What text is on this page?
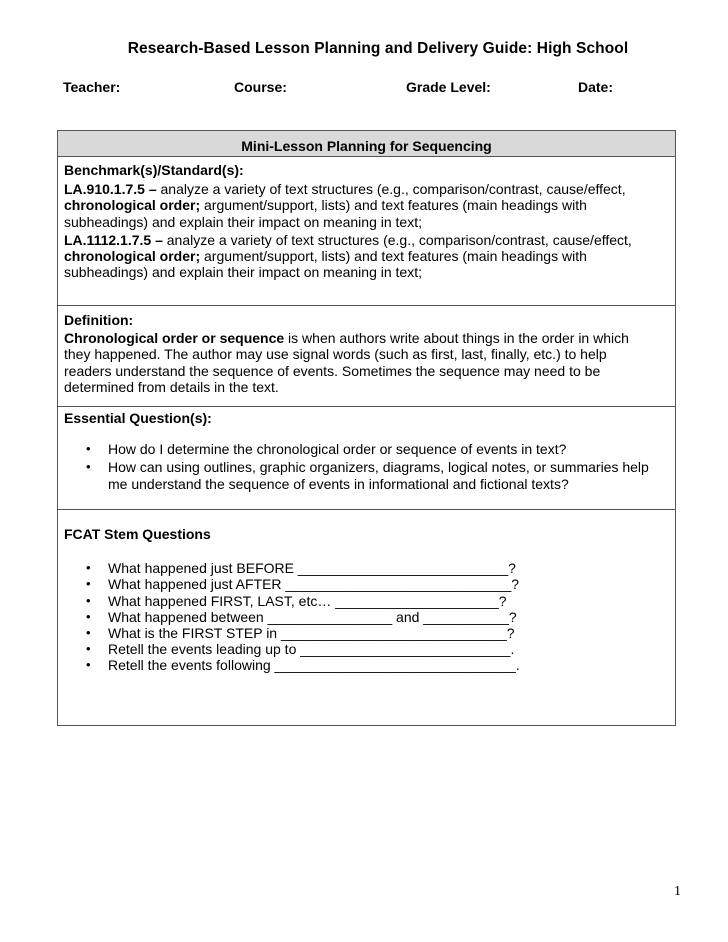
Research-Based Lesson Planning and Delivery Guide: High School
Teacher:	Course:	Grade Level:	Date:
Mini-Lesson Planning for Sequencing

Benchmark(s)/Standard(s):

LA.910.1.7.5 – analyze a variety of text structures (e.g., comparison/contrast, cause/effect,
chronological order; argument/support, lists) and text features (main headings with
subheadings) and explain their impact on meaning in text;

LA.1112.1.7.5 – analyze a variety of text structures (e.g., comparison/contrast, cause/effect,
chronological order; argument/support, lists) and text features (main headings with
subheadings) and explain their impact on meaning in text;

Definition:

Chronological order or sequence is when authors write about things in the order in which
they happened. The author may use signal words (such as first, last, finally, etc.) to help
readers understand the sequence of events. Sometimes the sequence may need to be
determined from details in the text.

Essential Question(s):

• How do I determine the chronological order or sequence of events in text?
• How can using outlines, graphic organizers, diagrams, logical notes, or summaries help
me understand the sequence of events in informational and fictional texts?

FCAT Stem Questions

• What happened just BEFORE ___________________________?
• What happened just AFTER _____________________________?
• What happened FIRST, LAST, etc… _____________________?
• What happened between ________________ and ___________?
• What is the FIRST STEP in _____________________________?
• Retell the events leading up to ___________________________.
• Retell the events following _______________________________.
1
